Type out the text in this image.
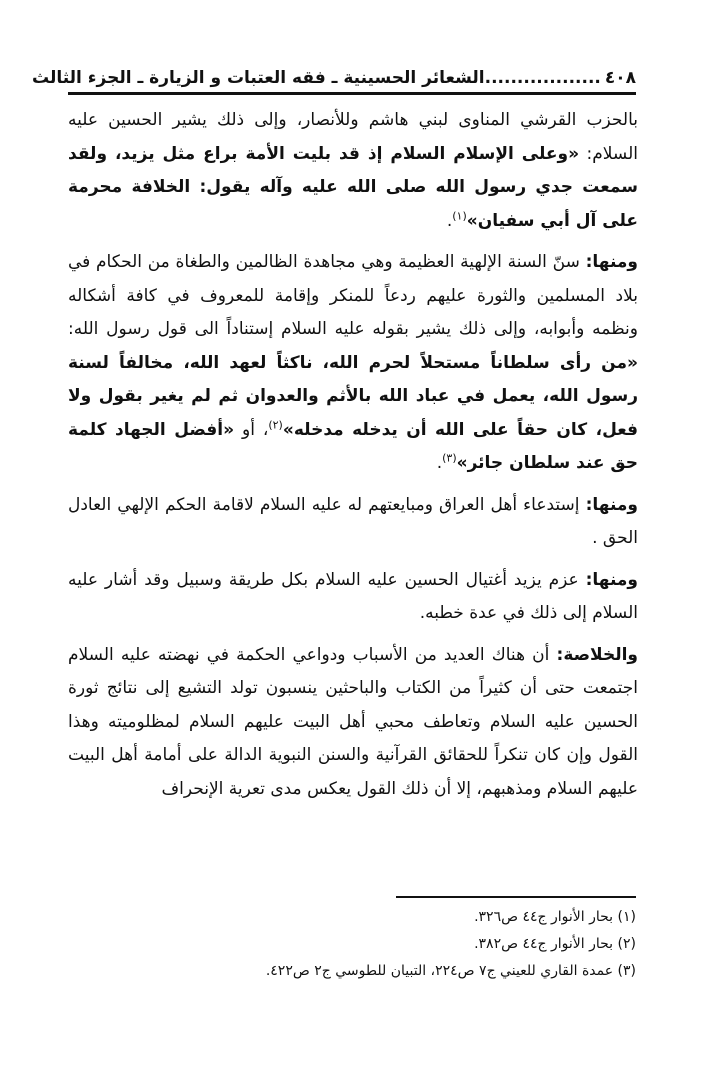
٤٠٨
..................
الشعائر الحسينية ـ فقه العتبات و الزيارة ـ الجزء الثالث

بالحزب القرشي المناوى لبني هاشم وللأنصار، وإلى ذلك يشير الحسين عليه السلام: «وعلى الإسلام السلام إذ قد بليت الأمة براع مثل يزيد، ولقد سمعت جدي رسول الله صلى الله عليه وآله يقول: الخلافة محرمة على آل أبي سفيان»$^{(١)}$.

ومنها: سنّ السنة الإلهية العظيمة وهي مجاهدة الظالمين والطغاة من الحكام في بلاد المسلمين والثورة عليهم ردعاً للمنكر وإقامة للمعروف في كافة أشكاله ونظمه وأبوابه، وإلى ذلك يشير بقوله عليه السلام إستناداً الى قول رسول الله: «من رأى سلطاناً مستحلاً لحرم الله، ناكثاً لعهد الله، مخالفاً لسنة رسول الله، يعمل في عباد الله بالأثم والعدوان ثم لم يغير بقول ولا فعل، كان حقاً على الله أن يدخله مدخله»$^{(٢)}$، أو «أفضل الجهاد كلمة حق عند سلطان جائر»$^{(٣)}$.

ومنها: إستدعاء أهل العراق ومبايعتهم له عليه السلام لاقامة الحكم الإلهي العادل الحق .

ومنها: عزم يزيد أغتيال الحسين عليه السلام بكل طريقة وسبيل وقد أشار عليه السلام إلى ذلك في عدة خطبه.

والخلاصة: أن هناك العديد من الأسباب ودواعي الحكمة في نهضته عليه السلام اجتمعت حتى أن كثيراً من الكتاب والباحثين ينسبون تولد التشيع إلى نتائج ثورة الحسين عليه السلام وتعاطف محبي أهل البيت عليهم السلام لمظلوميته وهذا القول وإن كان تنكراً للحقائق القرآنية والسنن النبوية الدالة على أمامة أهل البيت عليهم السلام ومذهبهم، إلا أن ذلك القول يعكس مدى تعرية الإنحراف

(١) بحار الأنوار ج٤٤ ص٣٢٦.
(٢) بحار الأنوار ج٤٤ ص٣٨٢.
(٣) عمدة القاري للعيني ج٧ ص٢٢٤، التبيان للطوسي ج٢ ص٤٢٢.
